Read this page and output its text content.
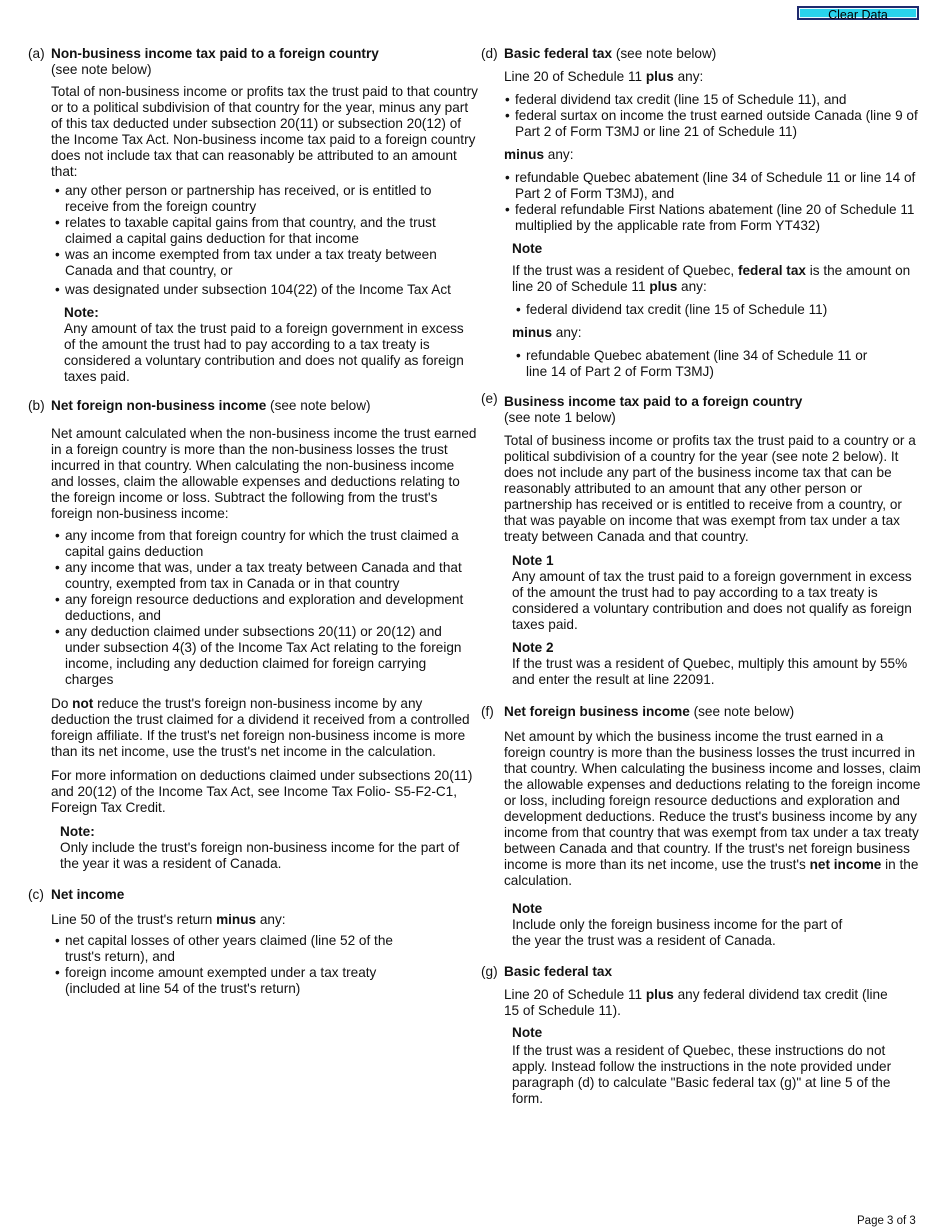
Clear Data
(a) Non-business income tax paid to a foreign country
(see note below)

Total of non-business income or profits tax the trust paid to that country or to a political subdivision of that country for the year, minus any part of this tax deducted under subsection 20(11) or subsection 20(12) of the Income Tax Act. Non-business income tax paid to a foreign country does not include tax that can reasonably be attributed to an amount that:

• any other person or partnership has received, or is entitled to receive from the foreign country
• relates to taxable capital gains from that country, and the trust claimed a capital gains deduction for that income
• was an income exempted from tax under a tax treaty between Canada and that country, or
• was designated under subsection 104(22) of the Income Tax Act
Note:

Any amount of tax the trust paid to a foreign government in excess of the amount the trust had to pay according to a tax treaty is considered a voluntary contribution and does not qualify as foreign taxes paid.

(b) Net foreign non-business income (see note below)

Net amount calculated when the non-business income the trust earned in a foreign country is more than the non-business losses the trust incurred in that country. When calculating the non-business income and losses, claim the allowable expenses and deductions relating to the foreign income or loss. Subtract the following from the trust's foreign non-business income:

• any income from that foreign country for which the trust claimed a capital gains deduction
• any income that was, under a tax treaty between Canada and that country, exempted from tax in Canada or in that country
• any foreign resource deductions and exploration and development deductions, and
• any deduction claimed under subsections 20(11) or 20(12) and under subsection 4(3) of the Income Tax Act relating to the foreign income, including any deduction claimed for foreign carrying charges

Do not reduce the trust's foreign non-business income by any deduction the trust claimed for a dividend it received from a controlled foreign affiliate. If the trust's net foreign non-business income is more than its net income, use the trust's net income in the calculation.

For more information on deductions claimed under subsections 20(11) and 20(12) of the Income Tax Act, see Income Tax Folio- S5-F2-C1, Foreign Tax Credit.

Note:

Only include the trust's foreign non-business income for the part of the year it was a resident of Canada.

(c) Net income

Line 50 of the trust's return minus any:

• net capital losses of other years claimed (line 52 of the trust's return), and
• foreign income amount exempted under a tax treaty (included at line 54 of the trust's return)
(d) Basic federal tax (see note below)

Line 20 of Schedule 11 plus any:

• federal dividend tax credit (line 15 of Schedule 11), and
• federal surtax on income the trust earned outside Canada (line 9 of Part 2 of Form T3MJ or line 21 of Schedule 11)

minus any:

• refundable Quebec abatement (line 34 of Schedule 11 or line 14 of Part 2 of Form T3MJ), and
• federal refundable First Nations abatement (line 20 of Schedule 11 multiplied by the applicable rate from Form YT432)
Note

If the trust was a resident of Quebec, federal tax is the amount on line 20 of Schedule 11 plus any:

• federal dividend tax credit (line 15 of Schedule 11)

minus any:

• refundable Quebec abatement (line 34 of Schedule 11 or line 14 of Part 2 of Form T3MJ)
(e) Business income tax paid to a foreign country
(see note 1 below)

Total of business income or profits tax the trust paid to a country or a political subdivision of a country for the year (see note 2 below). It does not include any part of the business income tax that can be reasonably attributed to an amount that any other person or partnership has received or is entitled to receive from a country, or that was payable on income that was exempt from tax under a tax treaty between Canada and that country.

Note 1

Any amount of tax the trust paid to a foreign government in excess of the amount the trust had to pay according to a tax treaty is considered a voluntary contribution and does not qualify as foreign taxes paid.

Note 2

If the trust was a resident of Quebec, multiply this amount by 55% and enter the result at line 22091.

(f) Net foreign business income (see note below)

Net amount by which the business income the trust earned in a foreign country is more than the business losses the trust incurred in that country. When calculating the business income and losses, claim the allowable expenses and deductions relating to the foreign income or loss, including foreign resource deductions and exploration and development deductions. Reduce the trust's business income by any income from that country that was exempt from tax under a tax treaty between Canada and that country. If the trust's net foreign business income is more than its net income, use the trust's net income in the calculation.

Note

Include only the foreign business income for the part of the year the trust was a resident of Canada.

(g) Basic federal tax

Line 20 of Schedule 11 plus any federal dividend tax credit (line 15 of Schedule 11).

Note

If the trust was a resident of Quebec, these instructions do not apply. Instead follow the instructions in the note provided under paragraph (d) to calculate "Basic federal tax (g)" at line 5 of the form.

Page 3 of 3
